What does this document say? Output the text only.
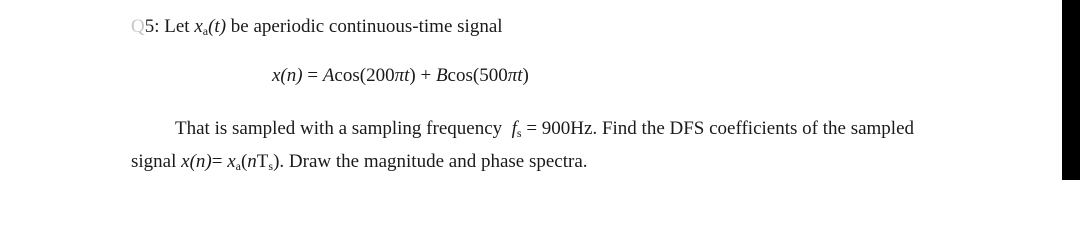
Q5: Let $x_a(t)$ be aperiodic continuous-time signal
x(n) = Acos(200πt) + Bcos(500πt)
That is sampled with a sampling frequency $f_s = 900Hz$. Find the DFS coefficients of the sampled
signal $x(n)= x_a(nT_s)$. Draw the magnitude and phase spectra.
